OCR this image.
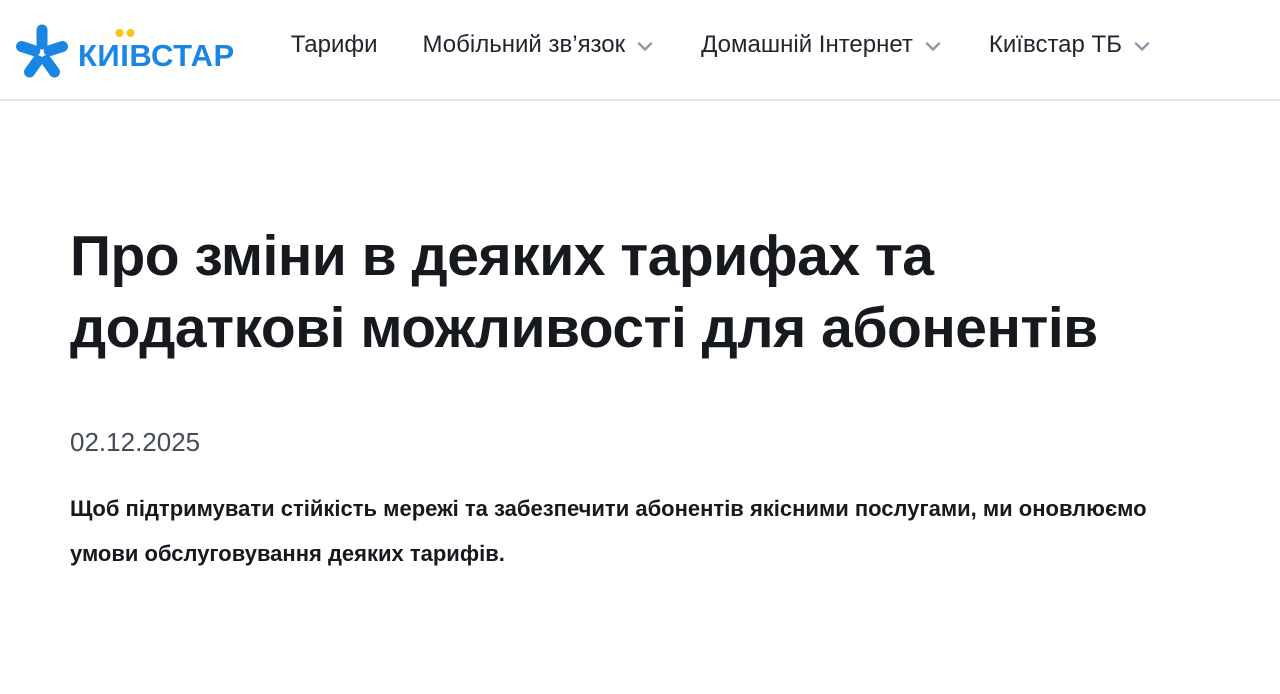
КИ І ВСТАР Тарифи Мобільний зв’язок	Домашній Інтернет	Київстар ТБ
Про зміни в деяких тарифах та додаткові можливості для абонентів
02.12.2025

Щоб підтримувати стійкість мережі та забезпечити абонентів якісними послугами, ми оновлюємо умови обслуговування деяких тарифів.
